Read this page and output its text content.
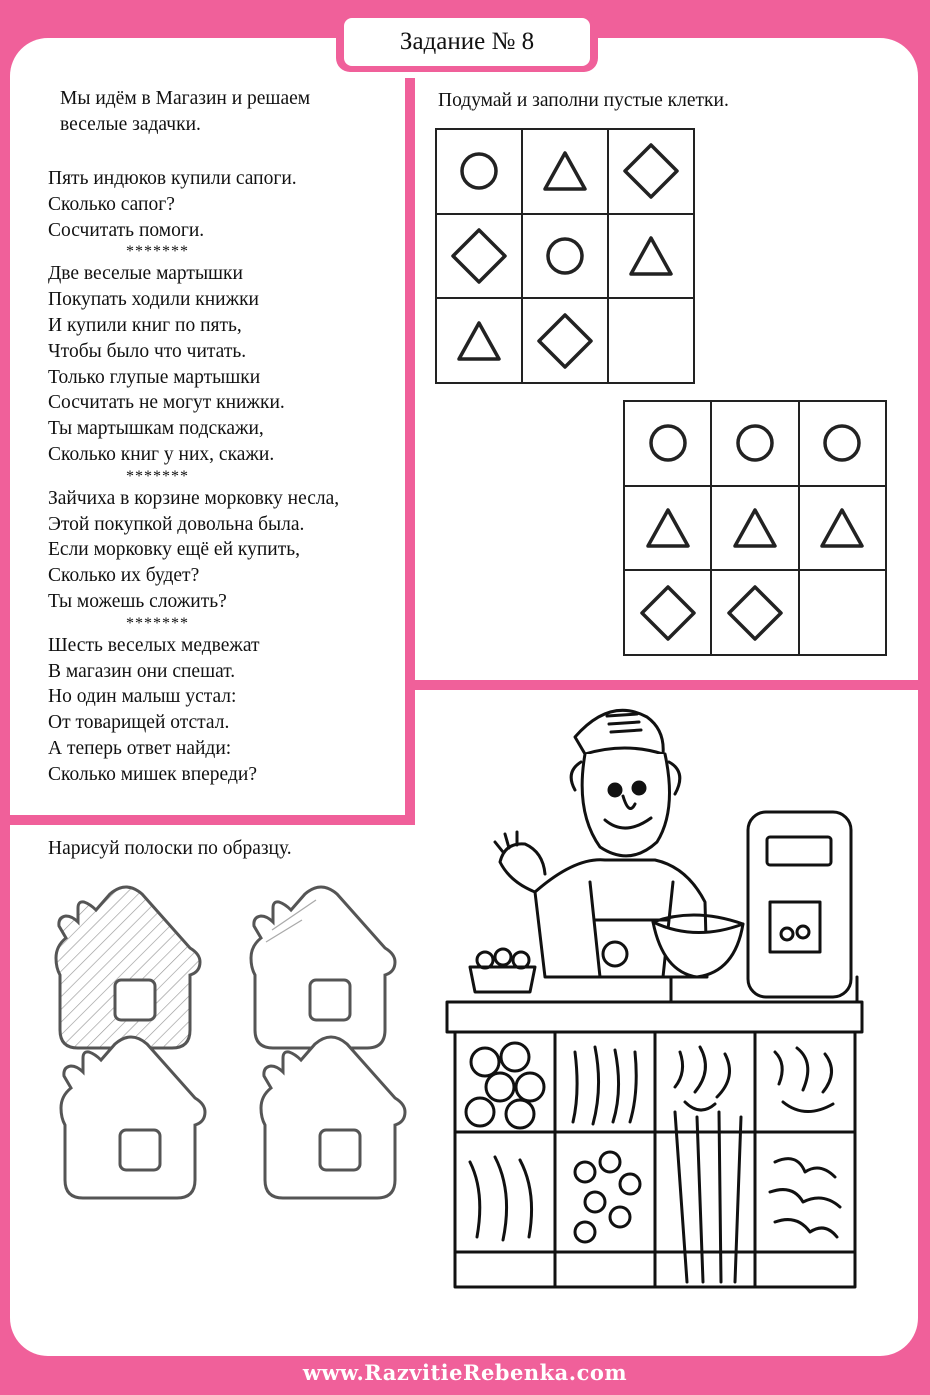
Задание № 8
Мы идём в Магазин и решаем
веселые задачки.
Пять индюков купили сапоги.
Сколько сапог?
Сосчитать помоги.
*******
Две веселые мартышки
Покупать ходили книжки
И купили книг по пять,
Чтобы было что читать.
Только глупые мартышки
Сосчитать не могут книжки.
Ты мартышкам подскажи,
Сколько книг у них, скажи.
*******
Зайчиха в корзине морковку несла,
Этой покупкой довольна была.
Если морковку ещё ей купить,
Сколько их будет?
Ты можешь сложить?
*******
Шесть веселых медвежат
В магазин они спешат.
Но один малыш устал:
От товарищей отстал.
А теперь ответ найди:
Сколько мишек впереди?
Подумай и заполни пустые клетки.
Нарисуй полоски по образцу.
www.RazvitieRebenka.com
